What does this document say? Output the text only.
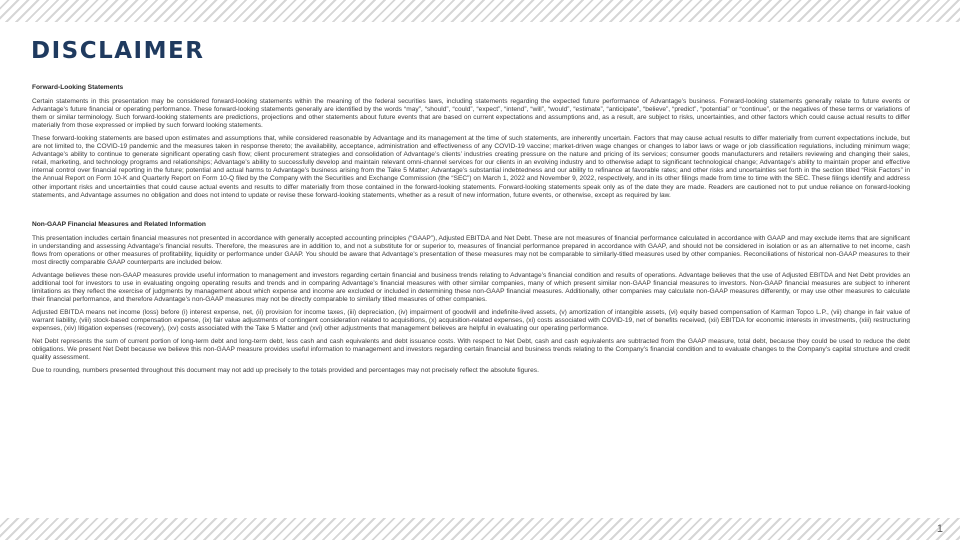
DISCLAIMER

Forward-Looking Statements

Certain statements in this presentation may be considered forward-looking statements within the meaning of the federal securities laws, including statements regarding the expected future performance of Advantage’s business. Forward-looking statements generally relate to future events or Advantage’s future financial or operating performance. These forward-looking statements generally are identified by the words “may”, “should”, “could”, “expect”, “intend”, “will”, “would”, “estimate”, “anticipate”, “believe”, “predict”, “potential” or “continue”, or the negatives of these terms or variations of them or similar terminology. Such forward-looking statements are predictions, projections and other statements about future events that are based on current expectations and assumptions and, as a result, are subject to risks, uncertainties, and other factors which could cause actual results to differ materially from those expressed or implied by such forward looking statements.

These forward-looking statements are based upon estimates and assumptions that, while considered reasonable by Advantage and its management at the time of such statements, are inherently uncertain. Factors that may cause actual results to differ materially from current expectations include, but are not limited to, the COVID-19 pandemic and the measures taken in response thereto; the availability, acceptance, administration and effectiveness of any COVID-19 vaccine; market-driven wage changes or changes to labor laws or wage or job classification regulations, including minimum wage; Advantage’s ability to continue to generate significant operating cash flow; client procurement strategies and consolidation of Advantage’s clients’ industries creating pressure on the nature and pricing of its services; consumer goods manufacturers and retailers reviewing and changing their sales, retail, marketing, and technology programs and relationships; Advantage’s ability to successfully develop and maintain relevant omni-channel services for our clients in an evolving industry and to otherwise adapt to significant technological change; Advantage’s ability to maintain proper and effective internal control over financial reporting in the future; potential and actual harms to Advantage’s business arising from the Take 5 Matter; Advantage’s substantial indebtedness and our ability to refinance at favorable rates; and other risks and uncertainties set forth in the section titled “Risk Factors” in the Annual Report on Form 10-K and Quarterly Report on Form 10-Q filed by the Company with the Securities and Exchange Commission (the “SEC”) on March 1, 2022 and November 9, 2022, respectively, and in its other filings made from time to time with the SEC. These filings identify and address other important risks and uncertainties that could cause actual events and results to differ materially from those contained in the forward-looking statements. Forward-looking statements speak only as of the date they are made. Readers are cautioned not to put undue reliance on forward-looking statements, and Advantage assumes no obligation and does not intend to update or revise these forward-looking statements, whether as a result of new information, future events, or otherwise, except as required by law.

Non-GAAP Financial Measures and Related Information

This presentation includes certain financial measures not presented in accordance with generally accepted accounting principles (“GAAP”), Adjusted EBITDA and Net Debt. These are not measures of financial performance calculated in accordance with GAAP and may exclude items that are significant in understanding and assessing Advantage’s financial results. Therefore, the measures are in addition to, and not a substitute for or superior to, measures of financial performance prepared in accordance with GAAP, and should not be considered in isolation or as an alternative to net income, cash flows from operations or other measures of profitability, liquidity or performance under GAAP. You should be aware that Advantage’s presentation of these measures may not be comparable to similarly-titled measures used by other companies. Reconciliations of historical non-GAAP measures to their most directly comparable GAAP counterparts are included below.

Advantage believes these non-GAAP measures provide useful information to management and investors regarding certain financial and business trends relating to Advantage’s financial condition and results of operations. Advantage believes that the use of Adjusted EBITDA and Net Debt provides an additional tool for investors to use in evaluating ongoing operating results and trends and in comparing Advantage’s financial measures with other similar companies, many of which present similar non-GAAP financial measures to investors. Non-GAAP financial measures are subject to inherent limitations as they reflect the exercise of judgments by management about which expense and income are excluded or included in determining these non-GAAP financial measures. Additionally, other companies may calculate non-GAAP measures differently, or may use other measures to calculate their financial performance, and therefore Advantage’s non-GAAP measures may not be directly comparable to similarly titled measures of other companies.

Adjusted EBITDA means net income (loss) before (i) interest expense, net, (ii) provision for income taxes, (iii) depreciation, (iv) impairment of goodwill and indefinite-lived assets, (v) amortization of intangible assets, (vi) equity based compensation of Karman Topco L.P., (vii) change in fair value of warrant liability, (viii) stock-based compensation expense, (ix) fair value adjustments of contingent consideration related to acquisitions, (x) acquisition-related expenses, (xi) costs associated with COVID-19, net of benefits received, (xii) EBITDA for economic interests in investments, (xiii) restructuring expenses, (xiv) litigation expenses (recovery), (xv) costs associated with the Take 5 Matter and (xvi) other adjustments that management believes are helpful in evaluating our operating performance.

Net Debt represents the sum of current portion of long-term debt and long-term debt, less cash and cash equivalents and debt issuance costs. With respect to Net Debt, cash and cash equivalents are subtracted from the GAAP measure, total debt, because they could be used to reduce the debt obligations. We present Net Debt because we believe this non-GAAP measure provides useful information to management and investors regarding certain financial and business trends relating to the Company’s financial condition and to evaluate changes to the Company’s capital structure and credit quality assessment.

Due to rounding, numbers presented throughout this document may not add up precisely to the totals provided and percentages may not precisely reflect the absolute figures.

1
